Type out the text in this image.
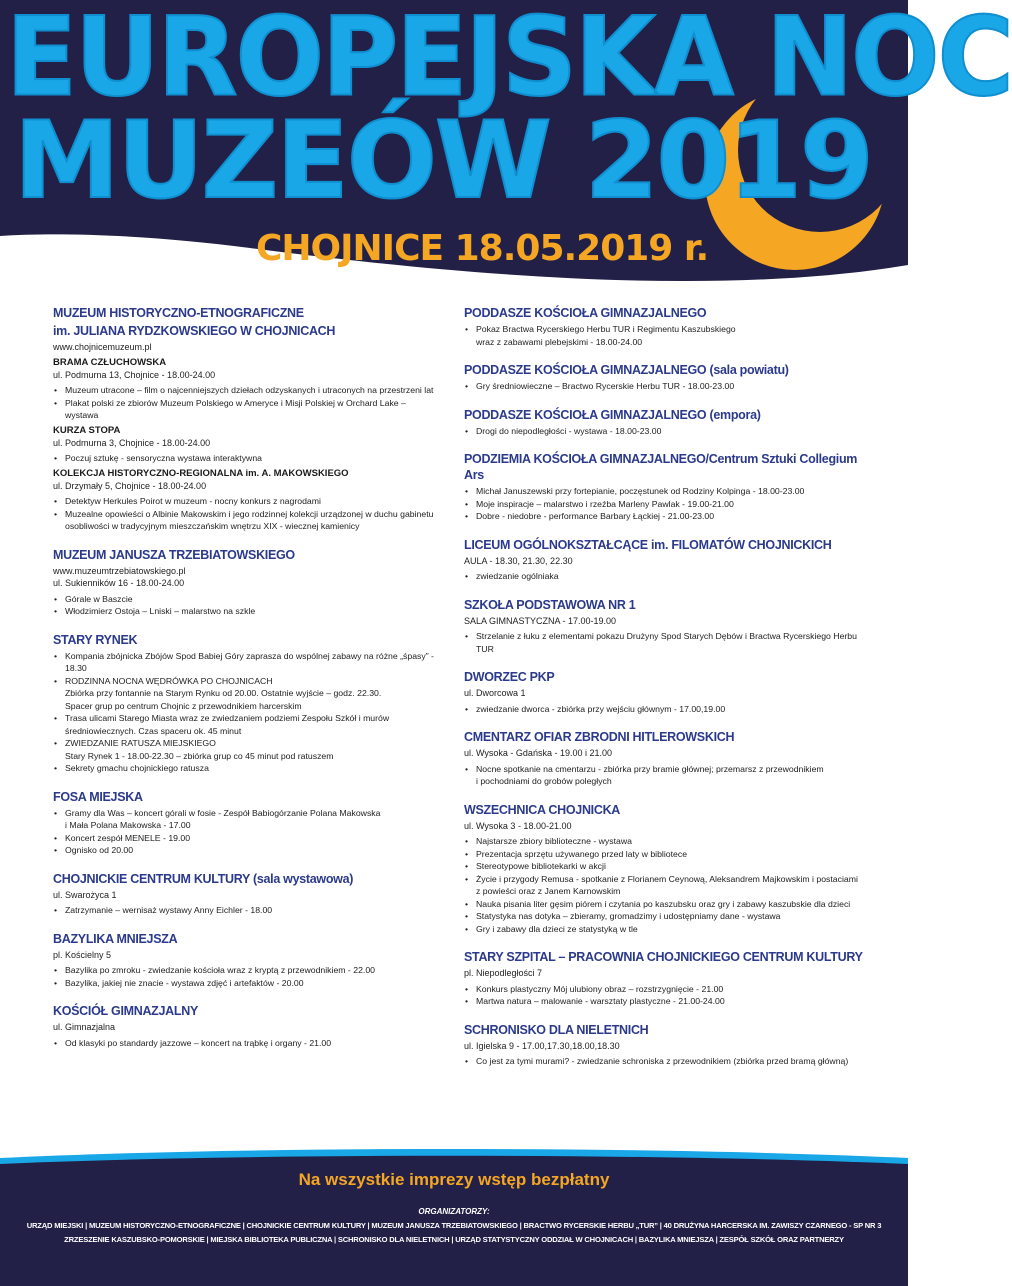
EUROPEJSKA NOC
MUZEÓW 2019
CHOJNICE 18.05.2019 r.
MUZEUM HISTORYCZNO-ETNOGRAFICZNE
im. JULIANA RYDZKOWSKIEGO W CHOJNICACH
www.chojnicemuzeum.pl
BRAMA CZŁUCHOWSKA
ul. Podmurna 13, Chojnice - 18.00-24.00
• Muzeum utracone – film o najcenniejszych dziełach odzyskanych i utraconych na przestrzeni lat
• Plakat polski ze zbiorów Muzeum Polskiego w Ameryce i Misji Polskiej w Orchard Lake – wystawa
KURZA STOPA
ul. Podmurna 3, Chojnice - 18.00-24.00
• Poczuj sztukę - sensoryczna wystawa interaktywna
KOLEKCJA HISTORYCZNO-REGIONALNA im. A. MAKOWSKIEGO
ul. Drzymały 5, Chojnice - 18.00-24.00
• Detektyw Herkules Poirot w muzeum - nocny konkurs z nagrodami
• Muzealne opowieści o Albinie Makowskim i jego rodzinnej kolekcji urządzonej w duchu gabinetu
osobliwości w tradycyjnym mieszczańskim wnętrzu XIX - wiecznej kamienicy
MUZEUM JANUSZA TRZEBIATOWSKIEGO
www.muzeumtrzebiatowskiego.pl
ul. Sukienników 16 - 18.00-24.00
• Górale w Baszcie
• Włodzimierz Ostoja – Lniski – malarstwo na szkle
STARY RYNEK
• Kompania zbójnicka Zbójów Spod Babiej Góry zaprasza do wspólnej zabawy na różne „śpasy” - 18.30
• RODZINNA NOCNA WĘDRÓWKA PO CHOJNICACH
Zbiórka przy fontannie na Starym Rynku od 20.00. Ostatnie wyjście – godz. 22.30.
Spacer grup po centrum Chojnic z przewodnikiem harcerskim
• Trasa ulicami Starego Miasta wraz ze zwiedzaniem podziemi Zespołu Szkół i murów
średniowiecznych. Czas spaceru ok. 45 minut
• ZWIEDZANIE RATUSZA MIEJSKIEGO
Stary Rynek 1 - 18.00-22.30 – zbiórka grup co 45 minut pod ratuszem
• Sekrety gmachu chojnickiego ratusza
FOSA MIEJSKA
• Gramy dla Was – koncert górali w fosie - Zespół Babiogórzanie Polana Makowska
i Mała Polana Makowska - 17.00
• Koncert zespół MENELE - 19.00
• Ognisko od 20.00
CHOJNICKIE CENTRUM KULTURY (sala wystawowa)
ul. Swarożyca 1
• Zatrzymanie – wernisaż wystawy Anny Eichler - 18.00
BAZYLIKA MNIEJSZA
pl. Kościelny 5
• Bazylika po zmroku - zwiedzanie kościoła wraz z kryptą z przewodnikiem - 22.00
• Bazylika, jakiej nie znacie - wystawa zdjęć i artefaktów - 20.00
KOŚCIÓŁ GIMNAZJALNY
ul. Gimnazjalna
• Od klasyki po standardy jazzowe – koncert na trąbkę i organy - 21.00
PODDASZE KOŚCIOŁA GIMNAZJALNEGO
• Pokaz Bractwa Rycerskiego Herbu TUR i Regimentu Kaszubskiego
wraz z zabawami plebejskimi - 18.00-24.00
PODDASZE KOŚCIOŁA GIMNAZJALNEGO (sala powiatu)
• Gry średniowieczne – Bractwo Rycerskie Herbu TUR - 18.00-23.00
PODDASZE KOŚCIOŁA GIMNAZJALNEGO (empora)
• Drogi do niepodległości - wystawa - 18.00-23.00
PODZIEMIA KOŚCIOŁA GIMNAZJALNEGO/Centrum Sztuki Collegium Ars
• Michał Januszewski przy fortepianie, poczęstunek od Rodziny Kolpinga - 18.00-23.00
• Moje inspiracje – malarstwo i rzeźba Marleny Pawlak - 19.00-21.00
• Dobre - niedobre - performance Barbary Łąckiej - 21.00-23.00
LICEUM OGÓLNOKSZTAŁCĄCE im. FILOMATÓW CHOJNICKICH
AULA - 18.30, 21.30, 22.30
• zwiedzanie ogólniaka
SZKOŁA PODSTAWOWA NR 1
SALA GIMNASTYCZNA - 17.00-19.00
• Strzelanie z łuku z elementami pokazu Drużyny Spod Starych Dębów i Bractwa Rycerskiego Herbu TUR
DWORZEC PKP
ul. Dworcowa 1
• zwiedzanie dworca - zbiórka przy wejściu głównym - 17.00,19.00
CMENTARZ OFIAR ZBRODNI HITLEROWSKICH
ul. Wysoka - Gdańska - 19.00 i 21.00
• Nocne spotkanie na cmentarzu - zbiórka przy bramie głównej; przemarsz z przewodnikiem
i pochodniami do grobów poległych
WSZECHNICA CHOJNICKA
ul. Wysoka 3 - 18.00-21.00
• Najstarsze zbiory biblioteczne - wystawa
• Prezentacja sprzętu używanego przed laty w bibliotece
• Stereotypowe bibliotekarki w akcji
• Życie i przygody Remusa - spotkanie z Florianem Ceynową, Aleksandrem Majkowskim i postaciami
z powieści oraz z Janem Karnowskim
• Nauka pisania liter gęsim piórem i czytania po kaszubsku oraz gry i zabawy kaszubskie dla dzieci
• Statystyka nas dotyka – zbieramy, gromadzimy i udostępniamy dane - wystawa
• Gry i zabawy dla dzieci ze statystyką w tle
STARY SZPITAL – PRACOWNIA CHOJNICKIEGO CENTRUM KULTURY
pl. Niepodległości 7
• Konkurs plastyczny Mój ulubiony obraz – rozstrzygnięcie - 21.00
• Martwa natura – malowanie - warsztaty plastyczne - 21.00-24.00
SCHRONISKO DLA NIELETNICH
ul. Igielska 9 - 17.00,17.30,18.00,18.30
• Co jest za tymi murami? - zwiedzanie schroniska z przewodnikiem (zbiórka przed bramą główną)
Na wszystkie imprezy wstęp bezpłatny
ORGANIZATORZY:
URZĄD MIEJSKI | MUZEUM HISTORYCZNO-ETNOGRAFICZNE | CHOJNICKIE CENTRUM KULTURY | MUZEUM JANUSZA TRZEBIATOWSKIEGO | BRACTWO RYCERSKIE HERBU „TUR” | 40 DRUŻYNA HARCERSKA IM. ZAWISZY CZARNEGO - SP NR 3
ZRZESZENIE KASZUBSKO-POMORSKIE | MIEJSKA BIBLIOTEKA PUBLICZNA | SCHRONISKO DLA NIELETNICH | URZĄD STATYSTYCZNY ODDZIAŁ W CHOJNICACH | BAZYLIKA MNIEJSZA | ZESPÓŁ SZKÓŁ ORAZ PARTNERZY
